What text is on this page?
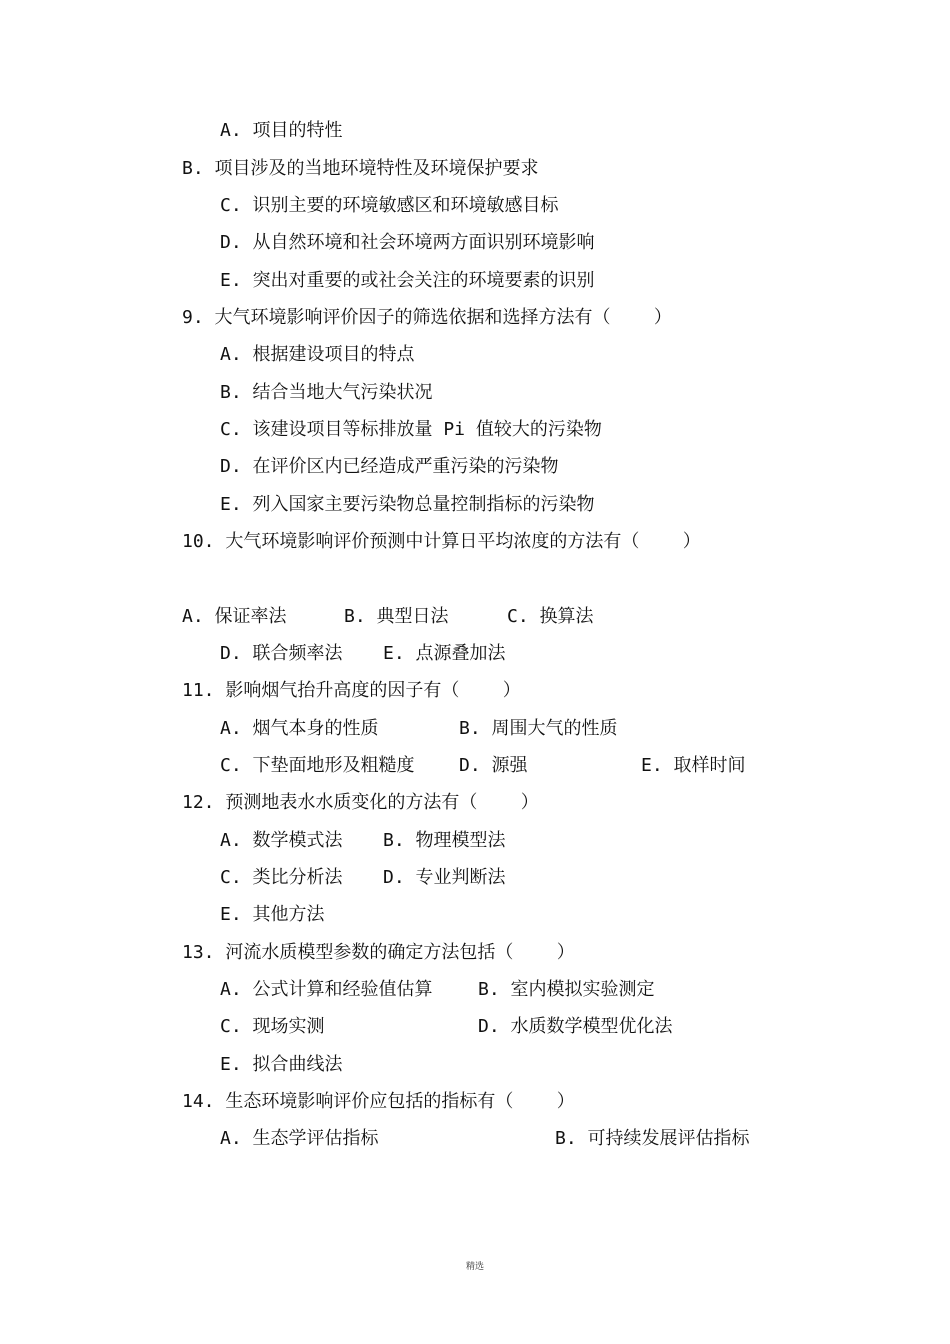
A. 项目的特性
B. 项目涉及的当地环境特性及环境保护要求
C. 识别主要的环境敏感区和环境敏感目标
D. 从自然环境和社会环境两方面识别环境影响
E. 突出对重要的或社会关注的环境要素的识别
9. 大气环境影响评价因子的筛选依据和选择方法有（    ）
A. 根据建设项目的特点
B. 结合当地大气污染状况
C. 该建设项目等标排放量 Pi 值较大的污染物
D. 在评价区内已经造成严重污染的污染物
E. 列入国家主要污染物总量控制指标的污染物
10. 大气环境影响评价预测中计算日平均浓度的方法有（    ）
A. 保证率法	B. 典型日法	C. 换算法
D. 联合频率法 E. 点源叠加法
11. 影响烟气抬升高度的因子有（    ）
A. 烟气本身的性质	B. 周围大气的性质
C. 下垫面地形及粗糙度 D. 源强	E. 取样时间
12. 预测地表水水质变化的方法有（    ）
A. 数学模式法 B. 物理模型法
C. 类比分析法 D. 专业判断法
E. 其他方法
13. 河流水质模型参数的确定方法包括（    ）
A. 公式计算和经验值估算	B. 室内模拟实验测定
C. 现场实测	D. 水质数学模型优化法
E. 拟合曲线法
14. 生态环境影响评价应包括的指标有（    ）
A. 生态学评估指标	B. 可持续发展评估指标
精选
